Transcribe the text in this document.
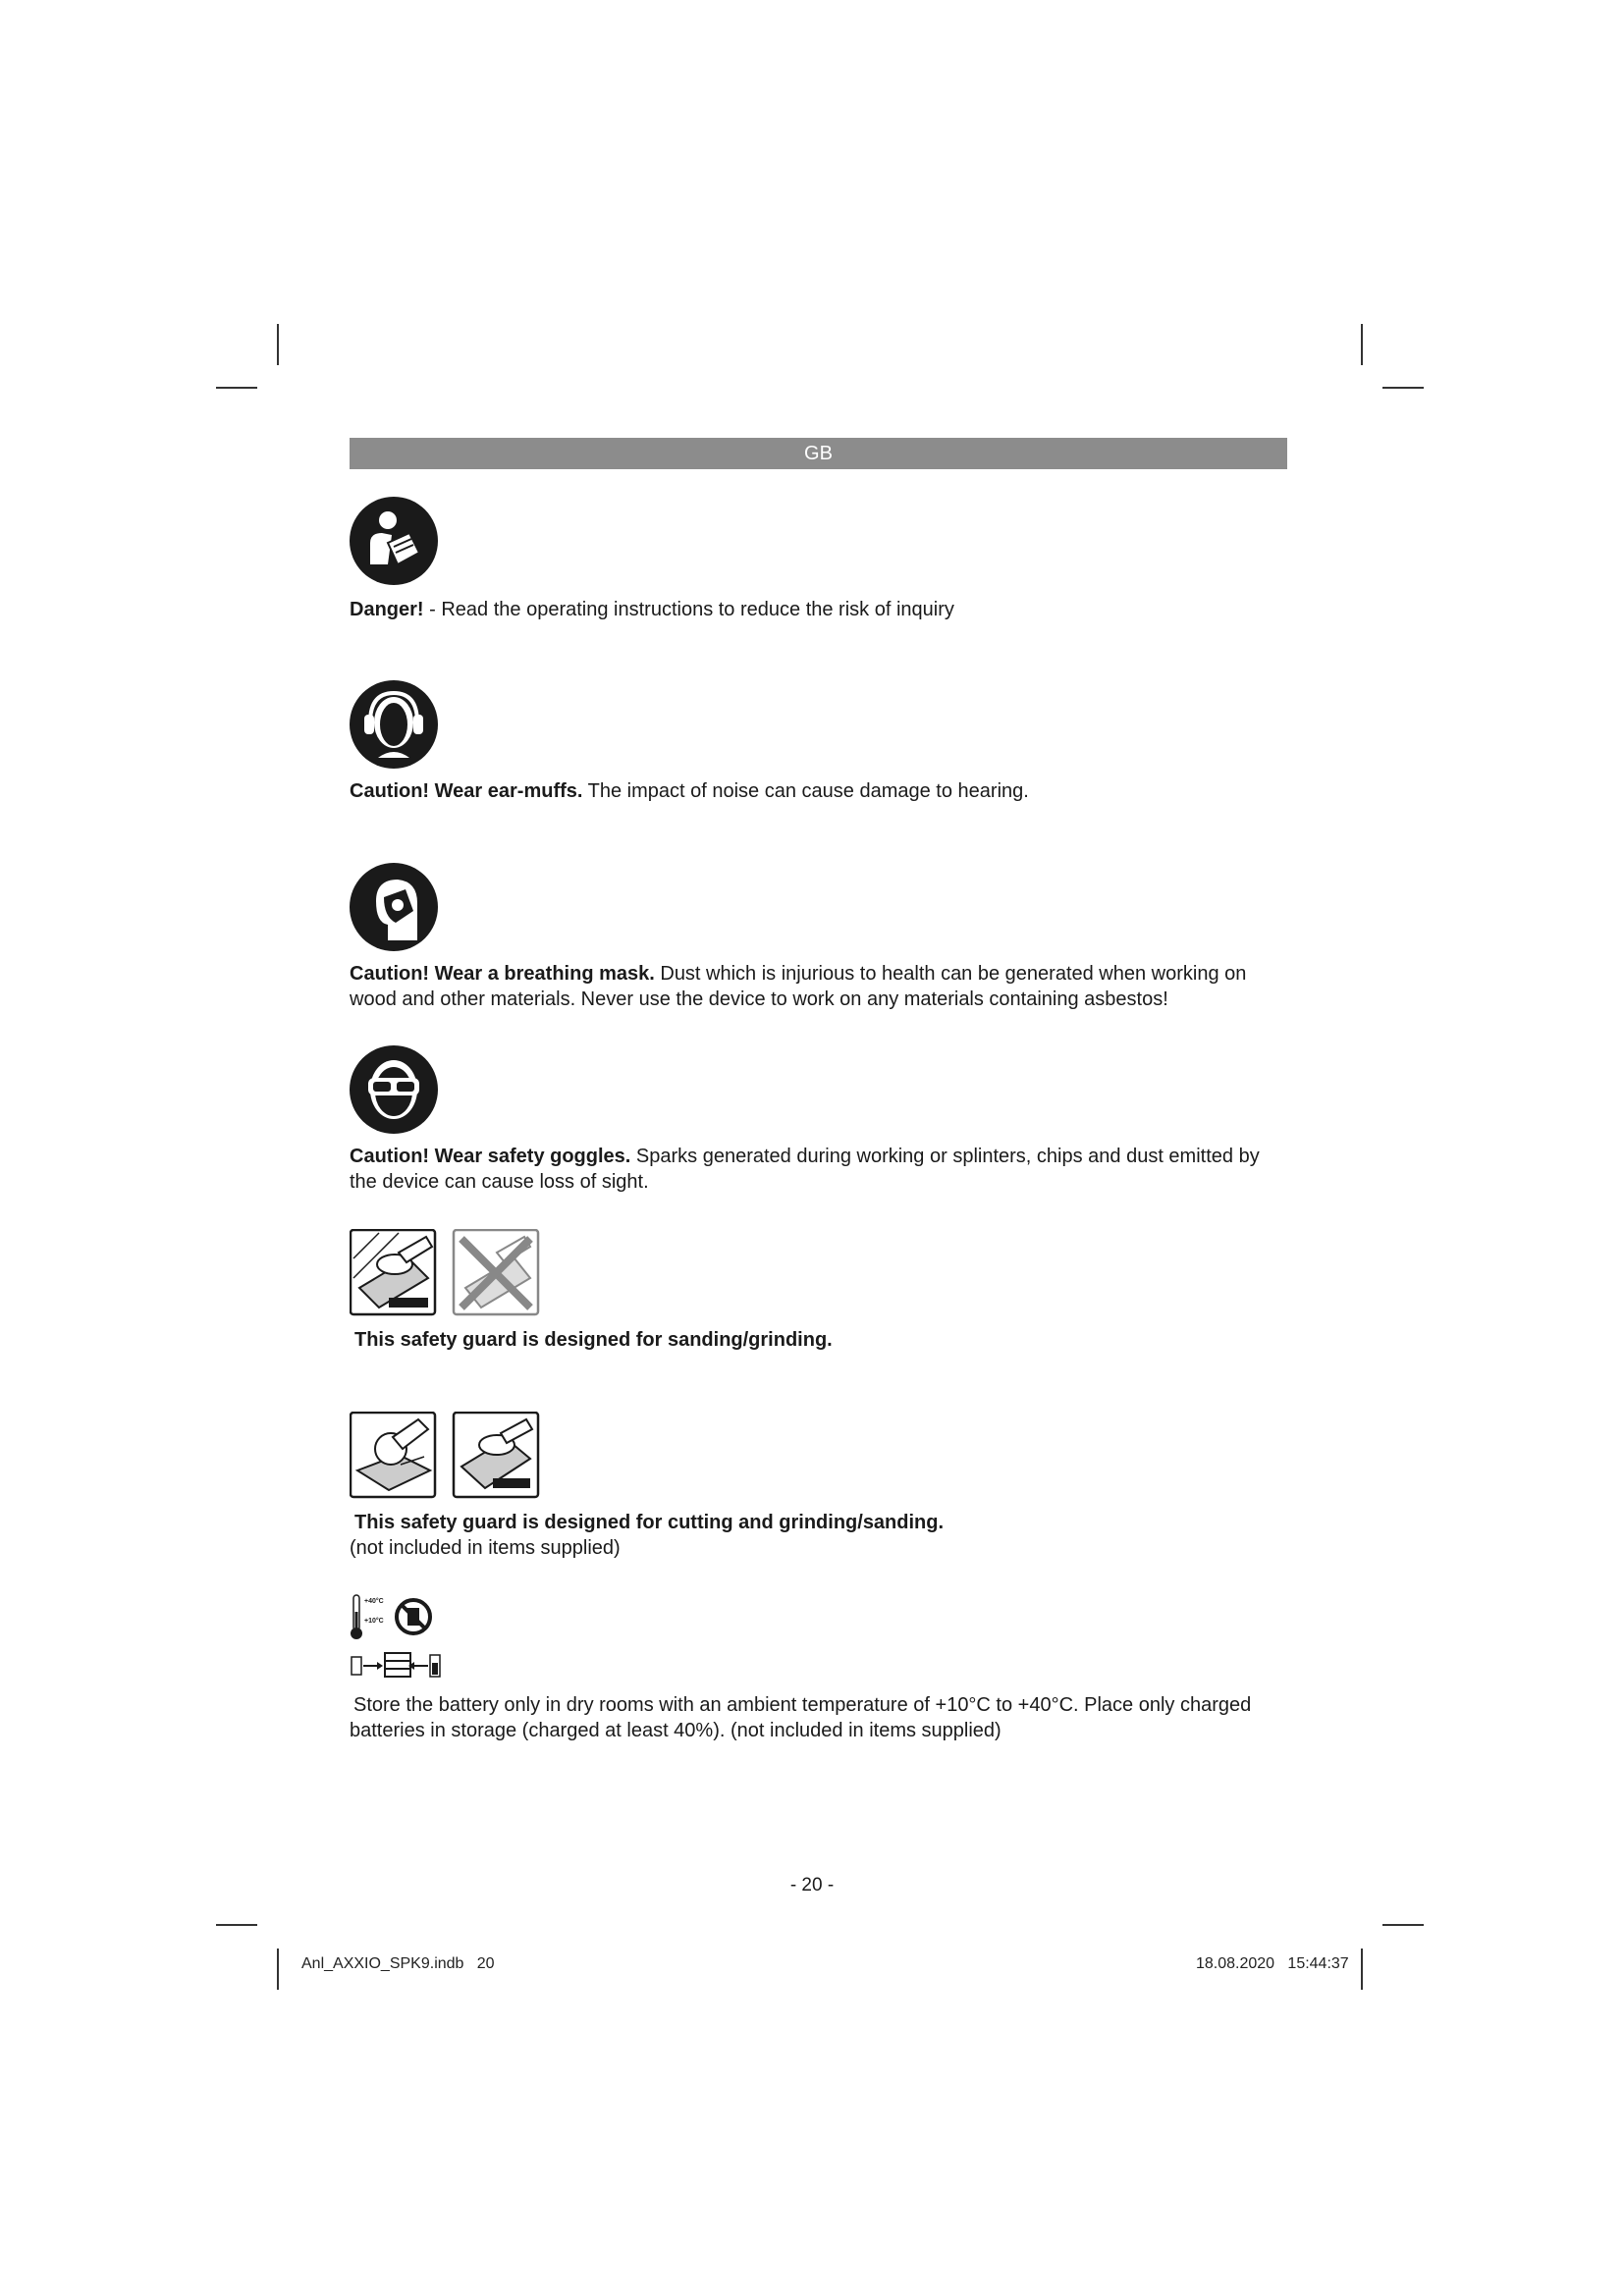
GB
Danger! - Read the operating instructions to reduce the risk of inquiry
Caution! Wear ear-muffs. The impact of noise can cause damage to hearing.
Caution! Wear a breathing mask. Dust which is injurious to health can be generated when working on wood and other materials. Never use the device to work on any materials containing asbestos!
Caution! Wear safety goggles. Sparks generated during working or splinters, chips and dust emitted by the device can cause loss of sight.
This safety guard is designed for sanding/grinding.
This safety guard is designed for cutting and grinding/sanding.
(not included in items supplied)
+40°C
+10°C
Store the battery only in dry rooms with an ambient temperature of +10°C to +40°C. Place only charged batteries in storage (charged at least 40%). (not included in items supplied)
- 20 -
Anl_AXXIO_SPK9.indb   20	18.08.2020   15:44:37
